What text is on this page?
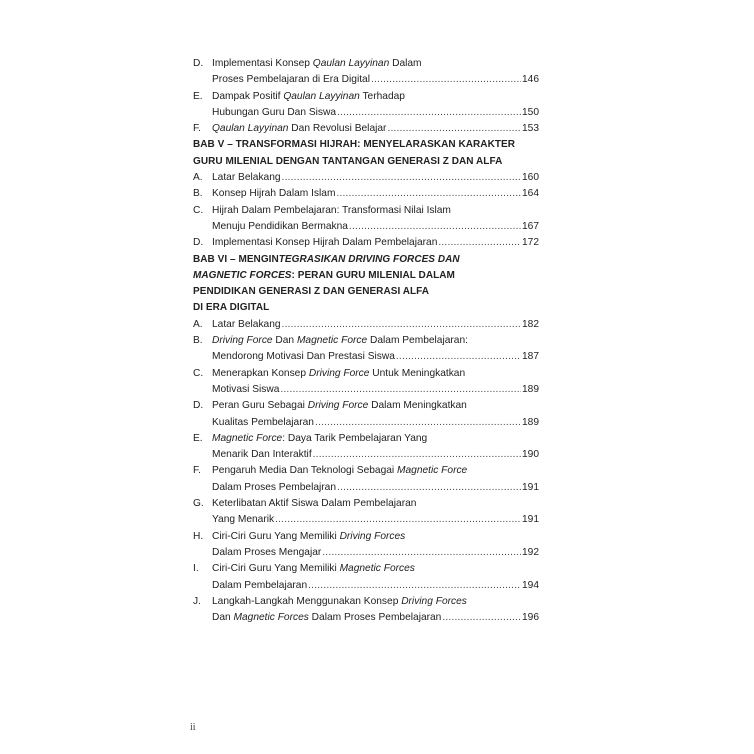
D. Implementasi Konsep Qaulan Layyinan Dalam
Proses Pembelajaran di Era Digital .....	146
E. Dampak Positif Qaulan Layyinan Terhadap
Hubungan Guru Dan Siswa .....	150
F.	Qaulan Layyinan Dan Revolusi Belajar .....	153
BAB V – TRANSFORMASI HIJRAH: MENYELARASKAN KARAKTER
GURU MILENIAL DENGAN TANTANGAN GENERASI Z DAN ALFA
A. Latar Belakang .....	160
B. Konsep Hijrah Dalam Islam .....	164
C. Hijrah Dalam Pembelajaran: Transformasi Nilai Islam
Menuju Pendidikan Bermakna .....	167
D. Implementasi Konsep Hijrah Dalam Pembelajaran .....	172
BAB VI – MENGINTEGRASIKAN DRIVING FORCES DAN
MAGNETIC FORCES: PERAN GURU MILENIAL DALAM
PENDIDIKAN GENERASI Z DAN GENERASI ALFA
DI ERA DIGITAL
A. Latar Belakang .....	182
B. Driving Force Dan Magnetic Force Dalam Pembelajaran:
Mendorong Motivasi Dan Prestasi Siswa .....	187
C. Menerapkan Konsep Driving Force Untuk Meningkatkan
Motivasi Siswa .....	189
D. Peran Guru Sebagai Driving Force Dalam Meningkatkan
Kualitas Pembelajaran .....	189
E. Magnetic Force: Daya Tarik Pembelajaran Yang
Menarik Dan Interaktif .....	190
F.	Pengaruh Media Dan Teknologi Sebagai Magnetic Force
Dalam Proses Pembelajran .....	191
G. Keterlibatan Aktif Siswa Dalam Pembelajaran
Yang Menarik .....	191
H. Ciri-Ciri Guru Yang Memiliki Driving Forces
Dalam Proses Mengajar .....	192
I.	Ciri-Ciri Guru Yang Memiliki Magnetic Forces
Dalam Pembelajaran .....	194
J.	Langkah-Langkah Menggunakan Konsep Driving Forces
Dan Magnetic Forces Dalam Proses Pembelajaran .....	196
ii
